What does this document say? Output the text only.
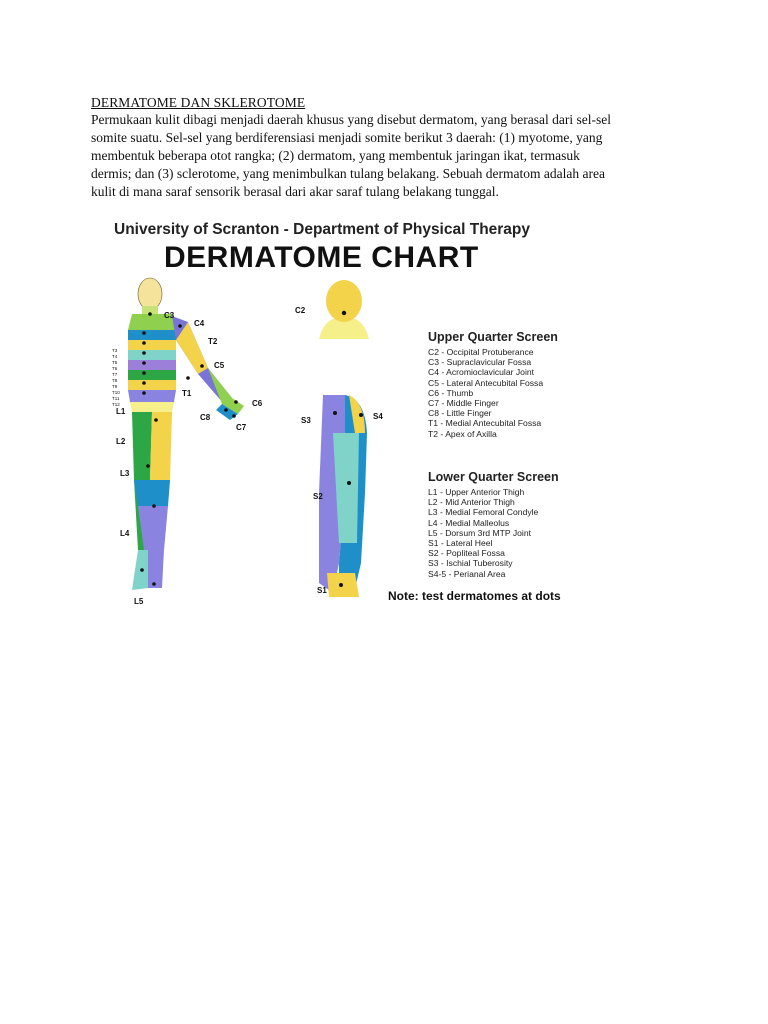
DERMATOME DAN SKLEROTOME
Permukaan kulit dibagi menjadi daerah khusus yang disebut dermatom, yang berasal dari sel-sel
somite suatu. Sel-sel yang berdiferensiasi menjadi somite berikut 3 daerah: (1) myotome, yang
membentuk beberapa otot rangka; (2) dermatom, yang membentuk jaringan ikat, termasuk
dermis; dan (3) sclerotome, yang menimbulkan tulang belakang. Sebuah dermatom adalah area
kulit di mana saraf sensorik berasal dari akar saraf tulang belakang tunggal.
University of Scranton - Department of Physical Therapy
DERMATOME CHART
C3
C4
T2
C5
T1
C6
C8
C7
L1
L2
L3
L4
L5
T3
T4
T5
T6
T7
T8
T9
T10
T11
T12
C2
S3	S4
S2
S1
Upper Quarter Screen
C2 - Occipital Protuberance
C3 - Supraclavicular Fossa
C4 - Acromioclavicular Joint
C5 - Lateral Antecubital Fossa
C6 - Thumb
C7 - Middle Finger
C8 - Little Finger
T1 - Medial Antecubital Fossa
T2 - Apex of Axilla
Lower Quarter Screen
L1 - Upper Anterior Thigh
L2 - Mid Anterior Thigh
L3 - Medial Femoral Condyle
L4 - Medial Malleolus
L5 - Dorsum 3rd MTP Joint
S1 - Lateral Heel
S2 - Popliteal Fossa
S3 - Ischial Tuberosity
S4-5 - Perianal Area
Note: test dermatomes at dots
